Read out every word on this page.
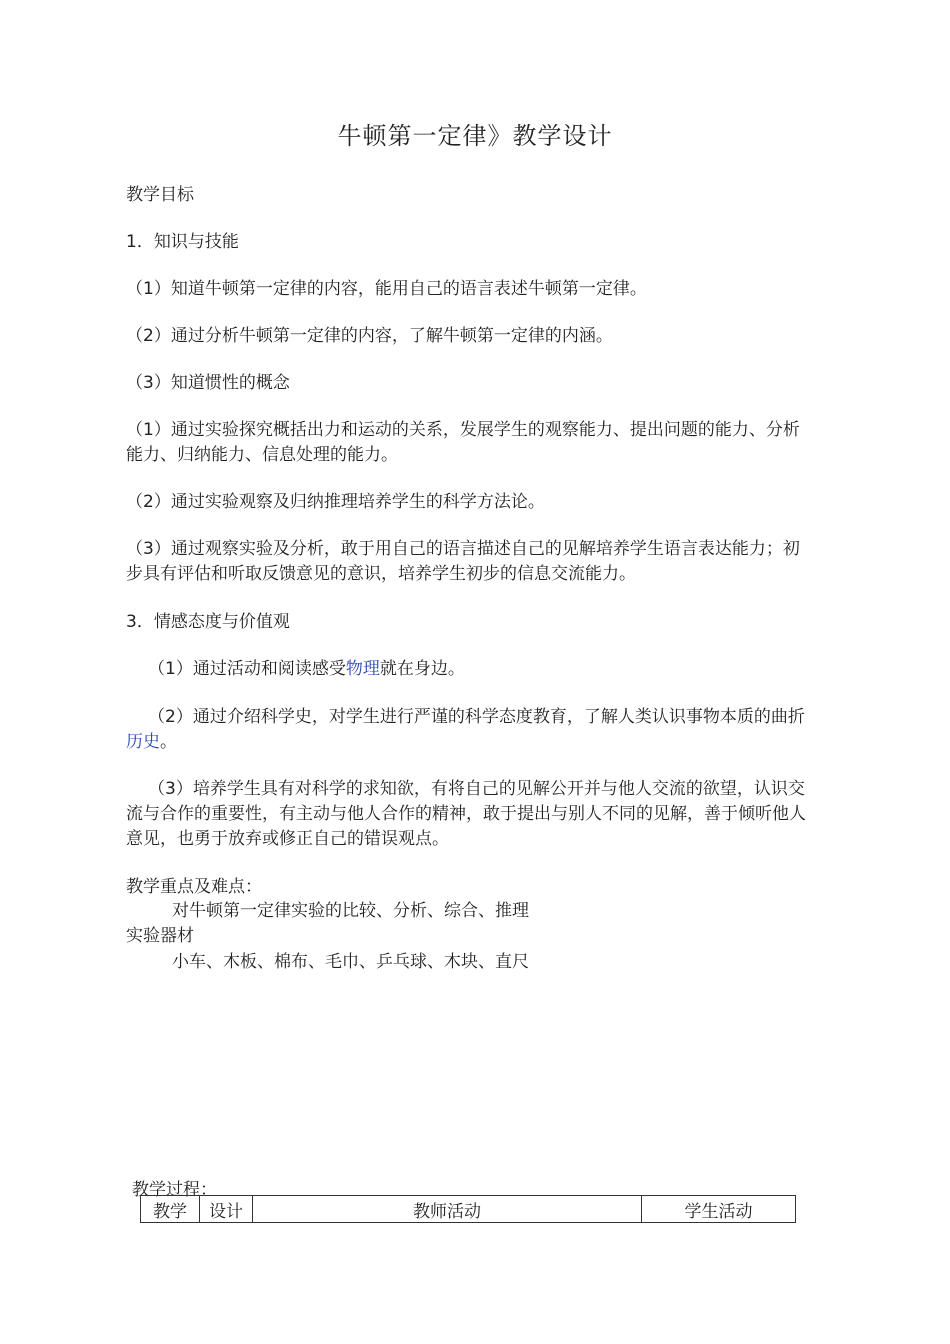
牛顿第一定律》教学设计

教学目标

1．知识与技能

（1）知道牛顿第一定律的内容，能用自己的语言表述牛顿第一定律。

（2）通过分析牛顿第一定律的内容，了解牛顿第一定律的内涵。

（3）知道惯性的概念

（1）通过实验探究概括出力和运动的关系，发展学生的观察能力、提出问题的能力、分析能力、归纳能力、信息处理的能力。

（2）通过实验观察及归纳推理培养学生的科学方法论。

（3）通过观察实验及分析，敢于用自己的语言描述自己的见解培养学生语言表达能力；初步具有评估和听取反馈意见的意识，培养学生初步的信息交流能力。

3．情感态度与价值观

（1）通过活动和阅读感受物理就在身边。

（2）通过介绍科学史，对学生进行严谨的科学态度教育，了解人类认识事物本质的曲折历史。

（3）培养学生具有对科学的求知欲，有将自己的见解公开并与他人交流的欲望，认识交流与合作的重要性，有主动与他人合作的精神，敢于提出与别人不同的见解，善于倾听他人意见，也勇于放弃或修正自己的错误观点。

教学重点及难点：

对牛顿第一定律实验的比较、分析、综合、推理

实验器材

小车、木板、棉布、毛巾、乒乓球、木块、直尺

教学过程：
教学	设计	教师活动	学生活动
